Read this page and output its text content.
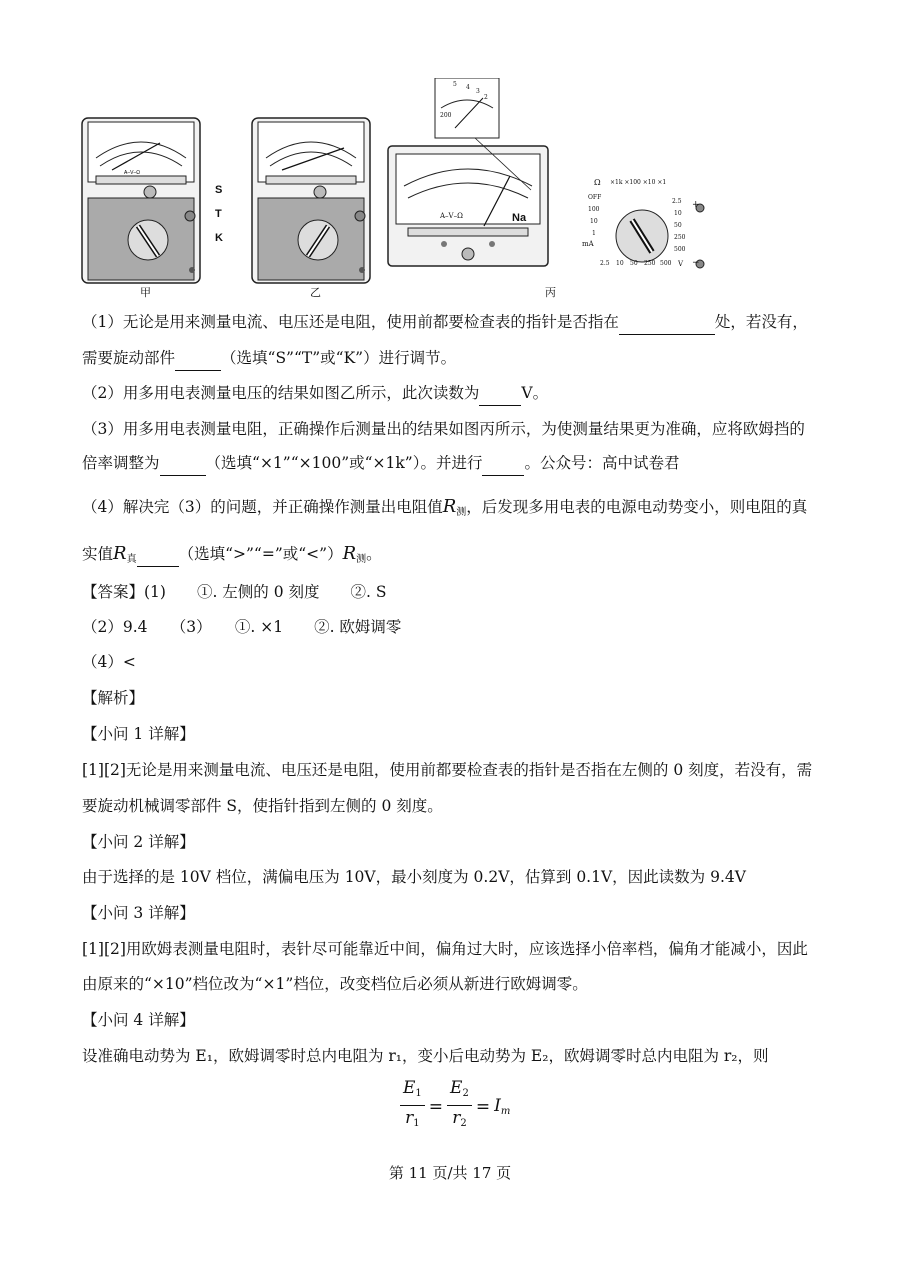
A–V–Ω
甲	乙	丙
S
T
K
Na
A–V–Ω
Ω ×1k ×100 ×10 ×1
OFF
100
10
1
mA
2.5
10
50
250
500
2.5 10 50 250 500 V
+
−
5 4
3
2
200
（1）无论是用来测量电流、电压还是电阻，使用前都要检查表的指针是否指在	处，若没有，
需要旋动部件	（选填“S”“T”或“K”）进行调节。
（2）用多用电表测量电压的结果如图乙所示，此次读数为	V。
（3）用多用电表测量电阻，正确操作后测量出的结果如图丙所示，为使测量结果更为准确，应将欧姆挡的
倍率调整为	（选填“×1”“×100”或“×1k”）。并进行	。公众号：高中试卷君
（4）解决完（3）的问题，并正确操作测量出电阻值$R_测$，后发现多用电表的电源电动势变小，则电阻的真
实值$R_真$	（选填“>”“=”或“$<”)R_测$。
【答案】(1)　　①. 左侧的 0 刻度　　②. S
（2）9.4　　（3）　　①. ×1　　②. 欧姆调零
（4）<
【解析】
【小问 1 详解】
[1][2]无论是用来测量电流、电压还是电阻，使用前都要检查表的指针是否指在左侧的 0 刻度，若没有，需
要旋动机械调零部件 S，使指针指到左侧的 0 刻度。
【小问 2 详解】
由于选择的是 10V 档位，满偏电压为 10V，最小刻度为 0.2V，估算到 0.1V，因此读数为 9.4V
【小问 3 详解】
[1][2]用欧姆表测量电阻时，表针尽可能靠近中间，偏角过大时，应该选择小倍率档，偏角才能减小，因此
由原来的“×10”档位改为“×1”档位，改变档位后必须从新进行欧姆调零。
【小问 4 详解】
设准确电动势为 E₁，欧姆调零时总内电阻为 r₁，变小后电动势为 E₂，欧姆调零时总内电阻为 r₂，则
$\frac{E_1}{r_1} = \frac{E_2}{r_2} = I_m$
第 11 页/共 17 页
